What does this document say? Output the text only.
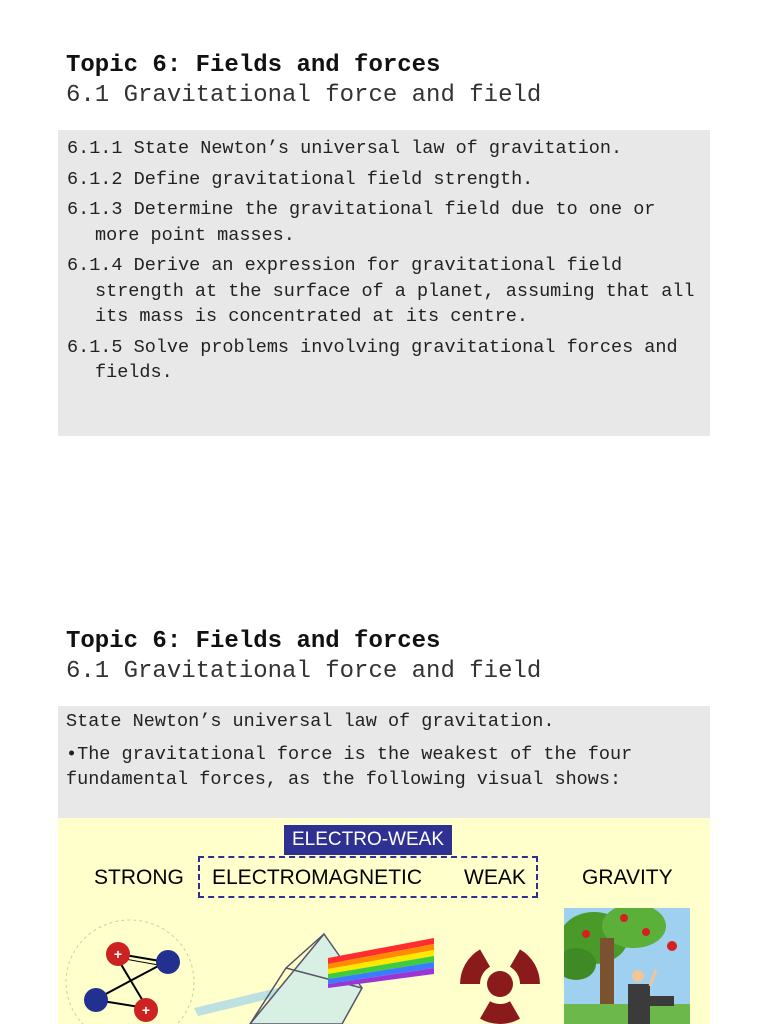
Topic 6: Fields and forces
6.1 Gravitational force and field
6.1.1 State Newton’s universal law of gravitation.
6.1.2 Define gravitational field strength.
6.1.3 Determine the gravitational field due to one or more point masses.
6.1.4 Derive an expression for gravitational field strength at the surface of a planet, assuming that all its mass is concentrated at its centre.
6.1.5 Solve problems involving gravitational forces and fields.
Topic 6: Fields and forces
6.1 Gravitational force and field

State Newton’s universal law of gravitation.

•The gravitational force is the weakest of the four fundamental forces, as the following visual shows:

ELECTRO-WEAK
STRONG ELECTROMAGNETIC WEAK	GRAVITY
+
+
